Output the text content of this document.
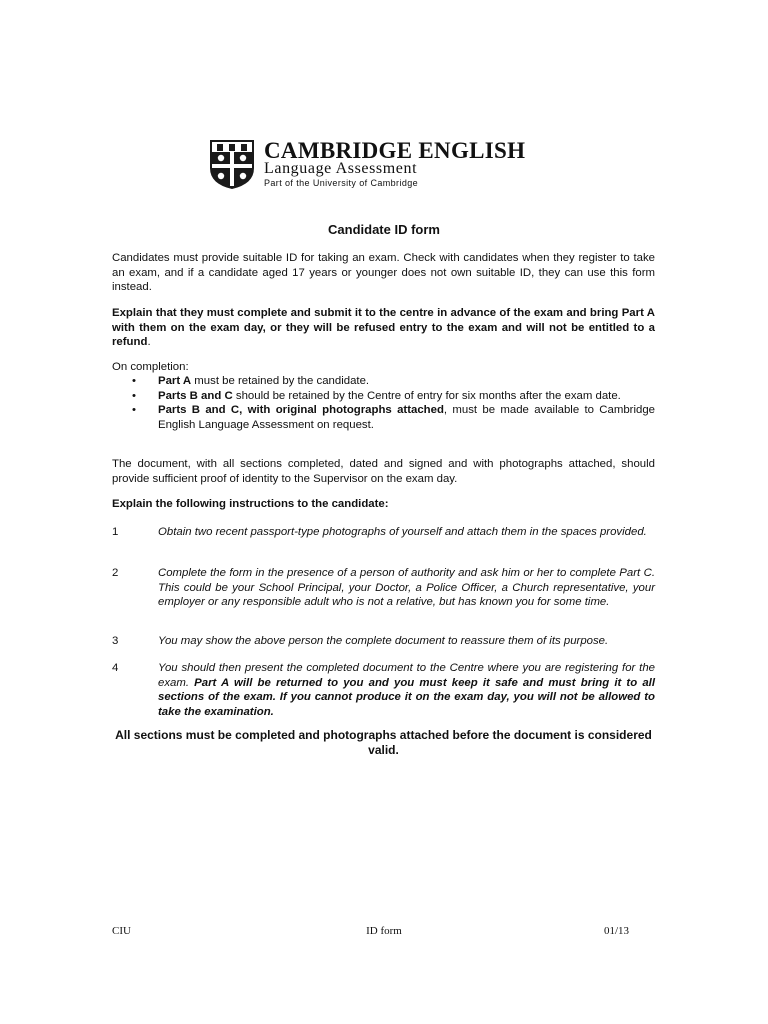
CAMBRIDGE ENGLISH
Language Assessment
Part of the University of Cambridge
Candidate ID form
Candidates must provide suitable ID for taking an exam. Check with candidates when they register to take an exam, and if a candidate aged 17 years or younger does not own suitable ID, they can use this form instead.
Explain that they must complete and submit it to the centre in advance of the exam and bring Part A with them on the exam day, or they will be refused entry to the exam and will not be entitled to a refund.
On completion:
• Part A must be retained by the candidate.
• Parts B and C should be retained by the Centre of entry for six months after the exam date.
• Parts B and C, with original photographs attached, must be made available to Cambridge English Language Assessment on request.
The document, with all sections completed, dated and signed and with photographs attached, should provide sufficient proof of identity to the Supervisor on the exam day.
Explain the following instructions to the candidate:
1	Obtain two recent passport-type photographs of yourself and attach them in the spaces provided.
2	Complete the form in the presence of a person of authority and ask him or her to complete Part C. This could be your School Principal, your Doctor, a Police Officer, a Church representative, your employer or any responsible adult who is not a relative, but has known you for some time.
3	You may show the above person the complete document to reassure them of its purpose.
4	You should then present the completed document to the Centre where you are registering for the exam. Part A will be returned to you and you must keep it safe and must bring it to all sections of the exam. If you cannot produce it on the exam day, you will not be allowed to take the examination.
All sections must be completed and photographs attached before the document is considered valid.
CIU	ID form	01/13
